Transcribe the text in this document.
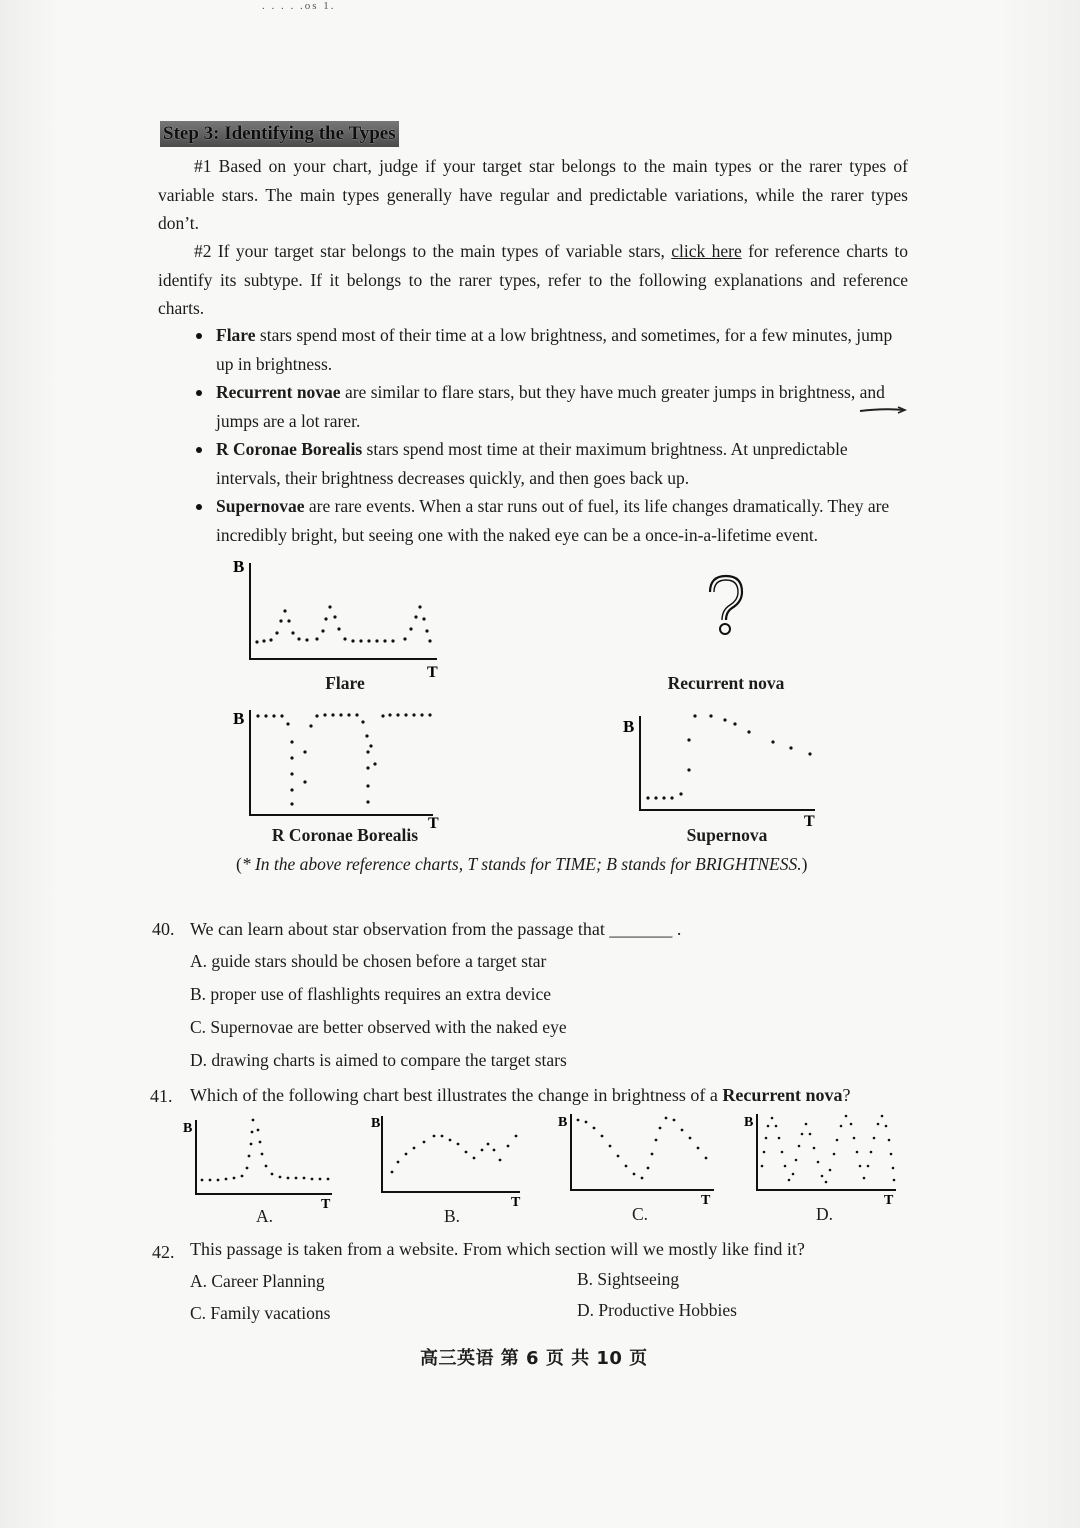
. . . . .os 1.
Step 3: Identifying the Types

#1 Based on your chart, judge if your target star belongs to the main types or the rarer types of variable stars. The main types generally have regular and predictable variations, while the rarer types don’t.

#2 If your target star belongs to the main types of variable stars, click here for reference charts to identify its subtype. If it belongs to the rarer types, refer to the following explanations and reference charts.

Flare stars spend most of their time at a low brightness, and sometimes, for a few minutes, jump up in brightness.
Recurrent novae are similar to flare stars, but they have much greater jumps in brightness, and jumps are a lot rarer.
R Coronae Borealis stars spend most time at their maximum brightness. At unpredictable intervals, their brightness decreases quickly, and then goes back up.
Supernovae are rare events. When a star runs out of fuel, its life changes dramatically. They are incredibly bright, but seeing one with the naked eye can be a once-in-a-lifetime event.
B
T
Flare	Recurrent nova
B
T
R Coronae Borealis
B
T
Supernova
(* In the above reference charts, T stands for TIME; B stands for BRIGHTNESS.)
40. We can learn about star observation from the passage that _______ .
A. guide stars should be chosen before a target star
B. proper use of flashlights requires an extra device
C. Supernovae are better observed with the naked eye
D. drawing charts is aimed to compare the target stars
41. Which of the following chart best illustrates the change in brightness of a Recurrent nova?
B
T
A.
B
T
B.
B
T
C.
B
T
D.
42. This passage is taken from a website. From which section will we mostly like find it?
A. Career Planning	B. Sightseeing
C. Family vacations	D. Productive Hobbies
高三英语 第 6 页 共 10 页
